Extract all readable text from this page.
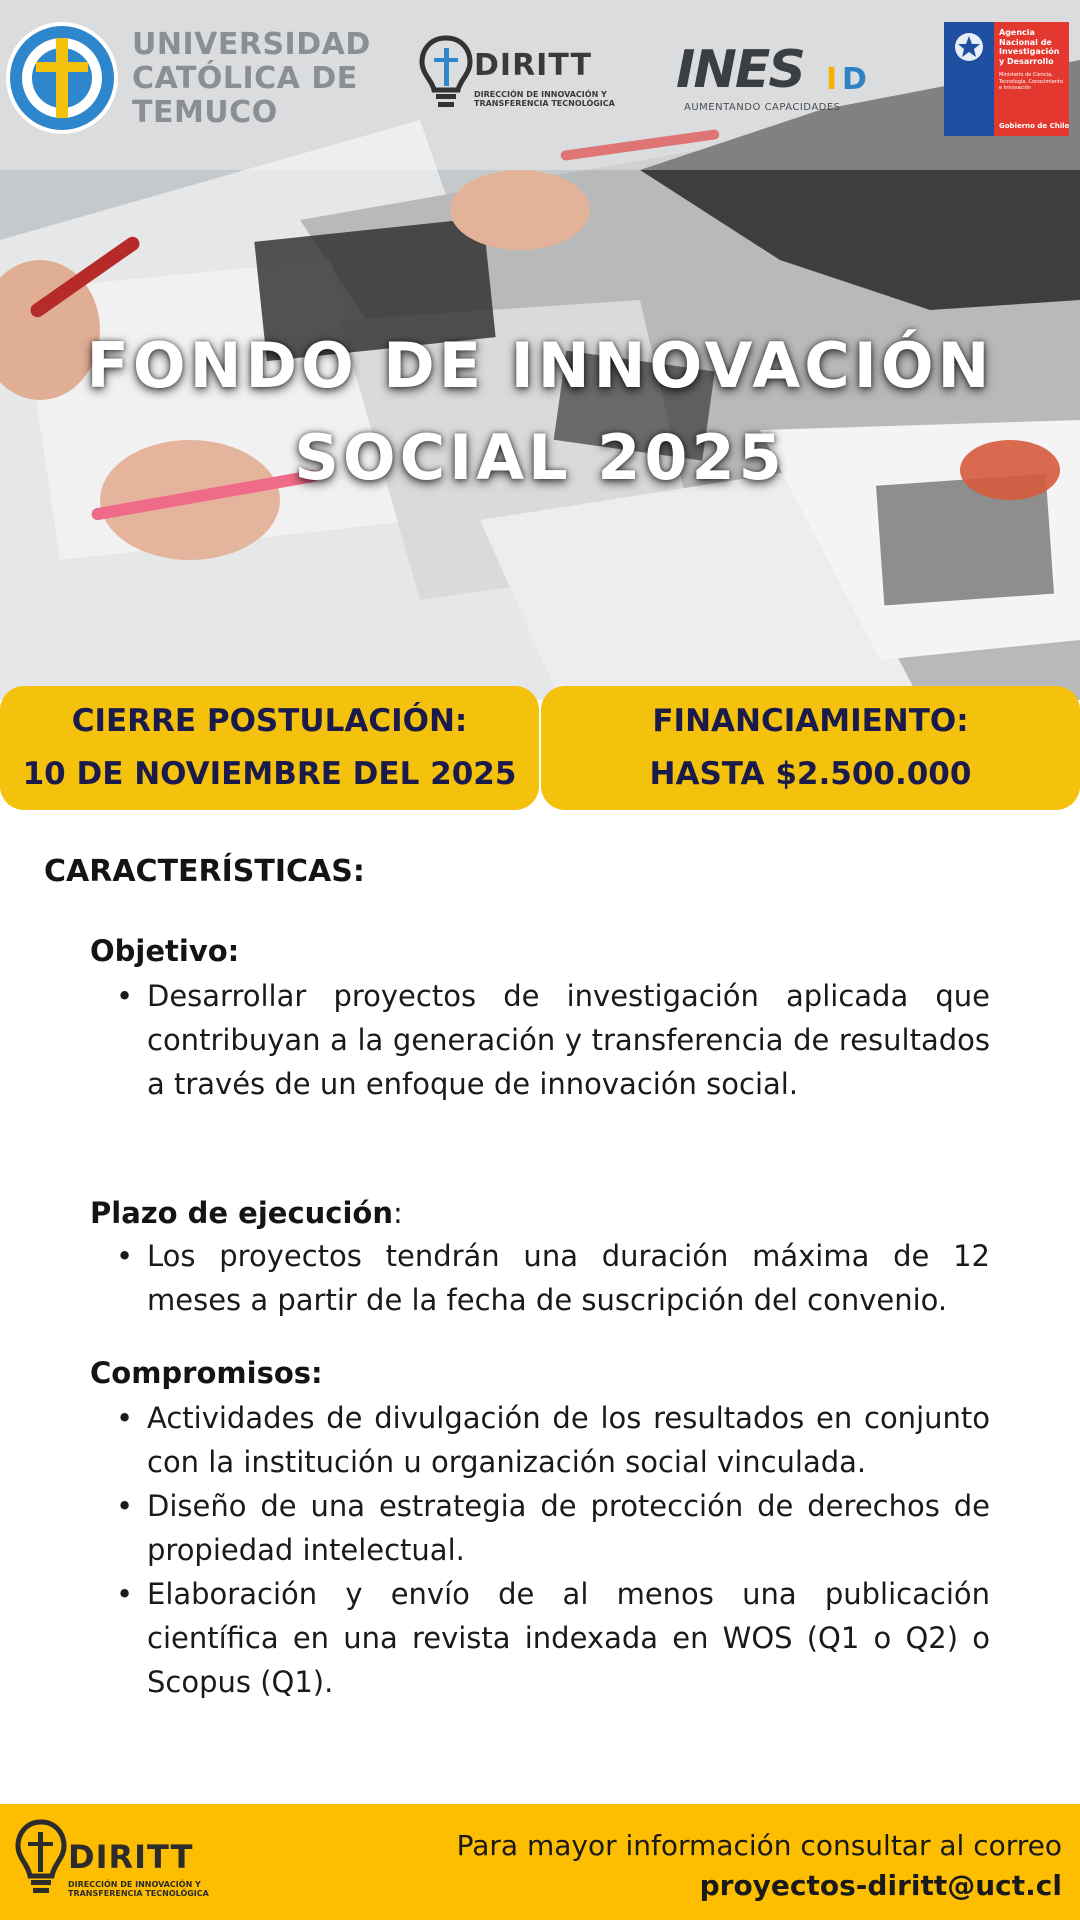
UNIVERSIDAD
CATÓLICA DE
TEMUCO
DIRITT
DIRECCIÓN DE INNOVACIÓN Y
TRANSFERENCIA TECNOLÓGICA
INES I D
AUMENTANDO CAPACIDADES
Agencia
Nacional de
Investigación
y Desarrollo
Ministerio de Ciencia,
Tecnología, Conocimiento
e Innovación
Gobierno de Chile
FONDO DE INNOVACIÓN
SOCIAL 2025
CIERRE POSTULACIÓN:
10 DE NOVIEMBRE DEL 2025
FINANCIAMIENTO:
HASTA $2.500.000
CARACTERÍSTICAS:
Objetivo:
• Desarrollar proyectos de investigación aplicada que contribuyan a la generación y transferencia de resultados a través de un enfoque de innovación social.
Plazo de ejecución:
• Los proyectos tendrán una duración máxima de 12 meses a partir de la fecha de suscripción del convenio.
Compromisos:
• Actividades de divulgación de los resultados en conjunto con la institución u organización social vinculada.
• Diseño de una estrategia de protección de derechos de propiedad intelectual.
• Elaboración y envío de al menos una publicación científica en una revista indexada en WOS (Q1 o Q2) o Scopus (Q1).
DIRITT
DIRECCIÓN DE INNOVACIÓN Y
TRANSFERENCIA TECNOLÓGICA
Para mayor información consultar al correo
proyectos-diritt@uct.cl
